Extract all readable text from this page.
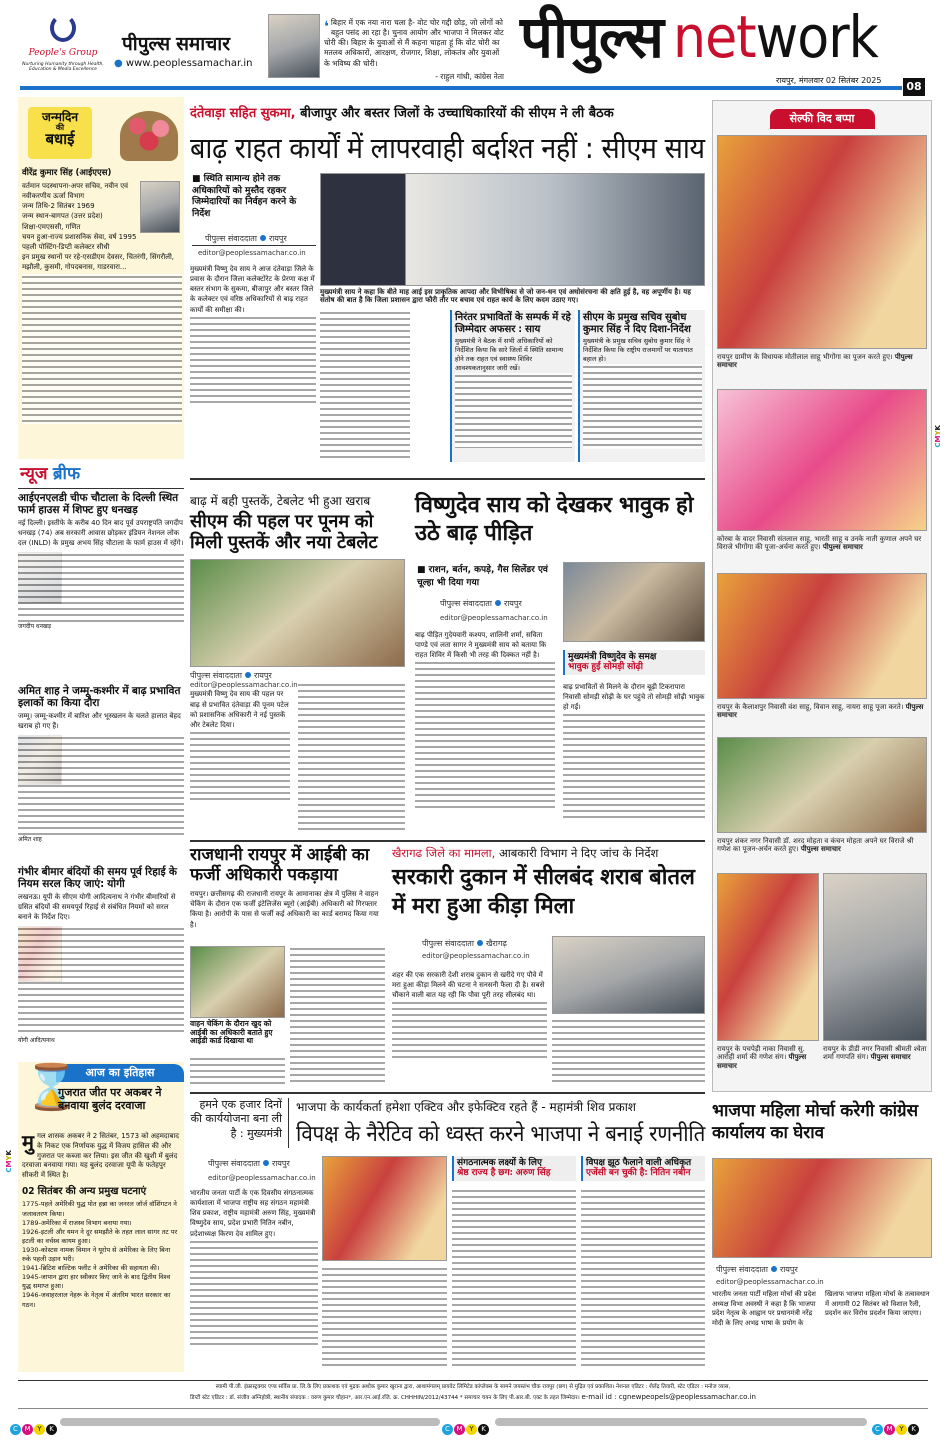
People's Group
Nurturing Humanity through Health, Education & Media Excellence
पीपुल्स समाचार
● www.peoplessamachar.in
❛ बिहार में एक नया नारा चला है- वोट चोर गद्दी छोड़, जो लोगों को बहुत पसंद आ रहा है। चुनाव आयोग और भाजपा ने मिलकर वोट चोरी की। बिहार के युवाओं से मैं कहना चाहता हूं कि वोट चोरी का मतलब अधिकारों, आरक्षण, रोजगार, शिक्षा, लोकतंत्र और युवाओं के भविष्य की चोरी।
- राहुल गांधी, कांग्रेस नेता
पीपुल्स network
रायपुर, मंगलवार 02 सितंबर 2025	08
जन्मदिन
की
बधाई
वीरेंद्र कुमार सिंह (आईएएस)
वर्तमान पदस्थापना-अपर सचिव, नवीन एवं नवीकरणीय ऊर्जा विभाग
जन्म तिथि-2 सितंबर 1969
जन्म स्थान-बागपत (उत्तर प्रदेश)
शिक्षा-एमएससी, गणित
चयन हुआ-राज्य प्रशासनिक सेवा, वर्ष 1995
पहली पोस्टिंग-डिप्टी कलेक्टर सीधी
इन प्रमुख स्थानों पर रहे-एसडीएम देवसर, चितरंगी, सिंगरौली, मझौली, कुसमी, गोपदबनास, गाडरवारा...
न्यूज ब्रीफ
आईएनएलडी चीफ चौटाला के दिल्ली स्थित फार्म हाउस में शिफ्ट हुए धनखड़
नई दिल्ली। इस्तीफे के करीब 40 दिन बाद पूर्व उपराष्ट्रपति जगदीप धनखड़ (74) अब सरकारी आवास छोड़कर इंडियन नेशनल लोक दल (INLD) के प्रमुख अभय सिंह चौटाला के फार्म हाउस में रहेंगे।
जगदीप धनखड़
अमित शाह ने जम्मू-कश्मीर में बाढ़ प्रभावित इलाकों का किया दौरा
जम्मू। जम्मू-कश्मीर में बारिश और भूस्खलन के चलते हालात बेहद खराब हो गए हैं।
अमित शाह
गंभीर बीमार बंदियों की समय पूर्व रिहाई के नियम सरल किए जाएं: योगी
लखनऊ। यूपी के सीएम योगी आदित्यनाथ ने गंभीर बीमारियों से ग्रसित बंदियों की समयपूर्व रिहाई से संबंधित नियमों को सरल बनाने के निर्देश दिए।
योगी आदित्यनाथ
आज का इतिहास
⌛
गुजरात जीत पर अकबर ने बनवाया बुलंद दरवाजा
मुगल शासक अकबर ने 2 सितंबर, 1573 को अहमदाबाद के निकट एक निर्णायक युद्ध में विजय हासिल की और गुजरात पर कब्जा कर लिया। इस जीत की खुशी में बुलंद दरवाजा बनवाया गया। यह बुलंद दरवाजा यूपी के फतेहपुर सीकरी में स्थित है।
02 सितंबर की अन्य प्रमुख घटनाएं
1775-पहले अमेरिकी युद्ध पोत हन्ना का जनरल जॉर्ज वॉशिंगटन ने जलावतरण किया।
1789-अमेरिका में राजस्व विभाग बनाया गया।
1926-इटली और यमन ने दूर समझौते के तहत लाल सागर तट पर इटली का वर्चस्व कायम हुआ।
1930-कोस्टस नामक विमान ने यूरोप से अमेरिका के लिए बिना रुके पहली उड़ान भरी।
1941-ब्रिटिश बाल्टिक फ्लीट ने अमेरिका की सहायता की।
1945-जापान द्वारा हार स्वीकार किए जाने के बाद द्वितीय विश्व युद्ध समाप्त हुआ।
1946-जवाहरलाल नेहरू के नेतृत्व में अंतरिम भारत सरकार का गठन।
दंतेवाड़ा सहित सुकमा, बीजापुर और बस्तर जिलों के उच्चाधिकारियों की सीएम ने ली बैठक
बाढ़ राहत कार्यों में लापरवाही बर्दाश्त नहीं : सीएम साय
■ स्थिति सामान्य होने तक अधिकारियों को मुस्तैद रहकर जिम्मेदारियों का निर्वहन करने के निर्देश
पीपुल्स संवाददाता रायपुर
editor@peoplessamachar.co.in
मुख्यमंत्री साय ने कहा कि बीते माह आई इस प्राकृतिक आपदा और विभीषिका से जो जन-धन एवं अधोसंरचना की क्षति हुई है, वह अपूर्णीय है। यह संतोष की बात है कि जिला प्रशासन द्वारा फौरी तौर पर बचाव एवं राहत कार्य के लिए कदम उठाए गए।
मुख्यमंत्री विष्णु देव साय ने आज दंतेवाड़ा जिले के प्रवास के दौरान जिला कलेक्टोरेट के प्रेरणा कक्ष में बस्तर संभाग के सुकमा, बीजापुर और बस्तर जिले के कलेक्टर एवं वरिष्ठ अधिकारियों से बाढ़ राहत कार्यों की समीक्षा की।
निरंतर प्रभावितों के सम्पर्क में रहे जिम्मेदार अफसर : साय
मुख्यमंत्री ने बैठक में सभी अधिकारियों को निर्देशित किया कि सारे जिलों में स्थिति सामान्य होने तक राहत एवं स्वास्थ्य शिविर आवश्यकतानुसार जारी रखें।
सीएम के प्रमुख सचिव सुबोध कुमार सिंह ने दिए दिशा-निर्देश
मुख्यमंत्री के प्रमुख सचिव सुबोध कुमार सिंह ने निर्देशित किया कि राष्ट्रीय राजमार्गों पर यातायात बहाल हो।
बाढ़ में बही पुस्तकें, टेबलेट भी हुआ खराब
सीएम की पहल पर पूनम को मिली पुस्तकें और नया टेबलेट
पीपुल्स संवाददाता रायपुर
editor@peoplessamachar.co.in
मुख्यमंत्री विष्णु देव साय की पहल पर बाढ़ से प्रभावित दंतेवाड़ा की पूनम पटेल को प्रशासनिक अधिकारी ने नई पुस्तकें और टेबलेट दिया।
विष्णुदेव साय को देखकर भावुक हो उठे बाढ़ पीड़ित
■ राशन, बर्तन, कपड़े, गैस सिलेंडर एवं चूल्हा भी दिया गया
पीपुल्स संवाददाता रायपुर
editor@peoplessamachar.co.in
बाढ़ पीड़ित गुदेयवारी कश्यप, शालिनी शर्मा, सविता पाण्डे एवं लता सागर ने मुख्यमंत्री साय को बताया कि राहत शिविर में किसी भी तरह की दिक्कत नहीं है।	मुख्यमंत्री विष्णुदेव के समक्ष
भावुक हुईं सोमड़ी सोढ़ी
बाढ़ प्रभावितों से मिलने के दौरान बूढ़ी टिकरापारा निवासी सोमड़ी सोढ़ी के घर पहुंचे तो सोमड़ी सोढ़ी भावुक हो गईं।
राजधानी रायपुर में आईबी का फर्जी अधिकारी पकड़ाया
रायपुर। छत्तीसगढ़ की राजधानी रायपुर के आमानाका क्षेत्र में पुलिस ने वाहन चेकिंग के दौरान एक फर्जी इंटेलिजेंस ब्यूरो (आईबी) अधिकारी को गिरफ्तार किया है। आरोपी के पास से फर्जी कई अधिकारी का कार्ड बरामद किया गया है।
वाहन चेकिंग के दौरान खुद को आईबी का अधिकारी बताते हुए आईडी कार्ड दिखाया था
खैरागढ जिले का मामला, आबकारी विभाग ने दिए जांच के निर्देश
सरकारी दुकान में सीलबंद शराब बोतल में मरा हुआ कीड़ा मिला
पीपुल्स संवाददाता खैरागढ़
editor@peoplessamachar.co.in
शहर की एक सरकारी देशी शराब दुकान से खरीदे गए पौवे में मरा हुआ कीड़ा मिलने की घटना ने सनसनी फैला दी है। सबसे चौंकाने वाली बात यह रही कि पौवा पूरी तरह सीलबंद था।
हमने एक हजार दिनों की कार्ययोजना बना ली है : मुख्यमंत्री
भाजपा के कार्यकर्ता हमेशा एक्टिव और इफेक्टिव रहते हैं - महामंत्री शिव प्रकाश
विपक्ष के नैरेटिव को ध्वस्त करने भाजपा ने बनाई रणनीति
पीपुल्स संवाददाता रायपुर
editor@peoplessamachar.co.in
भारतीय जनता पार्टी के एक दिवसीय संगठनात्मक कार्यशाला में भाजपा राष्ट्रीय सह संगठन महामंत्री शिव प्रकाश, राष्ट्रीय महामंत्री अरुण सिंह, मुख्यमंत्री विष्णुदेव साय, प्रदेश प्रभारी नितिन नबीन, प्रदेशाध्यक्ष किरण देव शामिल हुए।
संगठनात्मक लक्ष्यों के लिए
श्रेष्ठ राज्य है छग: अरुण सिंह
विपक्ष झूठ फैलाने वाली अधिकृत
एजेंसी बन चुकी है: नितिन नबीन
सेल्फी विद बप्पा
रायपुर ग्रामीण के विधायक मोतीलाल साहू भीगोंगा का पूजन करते हुए। पीपुल्स समाचार
कोरबा के वादर निवासी संतलाल साहू, भारती साहू व उनके नाती कुणाल अपने घर विराजे भीगोंगा की पूजा-अर्चना करते हुए। पीपुल्स समाचार
रायपुर के कैलाशपुर निवासी वंश साहू, विवान साहू, नायरा साहू पूजा करते। पीपुल्स समाचार
रायपुर शंकर नगर निवासी डॉ. शरद मोहता व कंचन मोहता अपने घर विराजे श्री गणेश का पूजन-अर्चन करते हुए। पीपुल्स समाचार
रायपुर के पचपेड़ी नाका निवासी सु. आरोही शर्मा की गणेश संग। पीपुल्स समाचार
रायपुर के डीडी नगर निवासी श्रीमती श्वेता शर्मा गणपति संग। पीपुल्स समाचार
भाजपा महिला मोर्चा करेगी कांग्रेस कार्यालय का घेराव
पीपुल्स संवाददाता रायपुर
editor@peoplessamachar.co.in
भारतीय जनता पार्टी महिला मोर्चा की प्रदेश अध्यक्ष विभा अवस्थी ने कहा है कि भाजपा प्रदेश नेतृत्व के आह्वान पर प्रधानमंत्री नरेंद्र मोदी के लिए अभद्र भाषा के प्रयोग के खिलाफ भाजपा महिला मोर्चा के तत्वावधान में आगामी 02 सितंबर को विशाल रैली, प्रदर्शन कर विरोध प्रदर्शन किया जाएगा।
CMYK
CMYK
स्वामी पी.जी. इंफ्रास्ट्रक्चर एण्ड सर्विस प्रा. लि.के लिए प्रकाशक एवं मुद्रक अशोक कुमार खुराना द्वारा, आशामंगलम् प्रायवेट लिमिटेड कांप्लेक्स के सामने जयस्तंभ चौक रायपुर (छग) से मुद्रित एवं प्रकाशित। नेशनल एडिटर : शैलेंद्र तिवारी, स्टेट एडिटर : मनोज व्यास,
डिप्टी स्टेट एडिटर : डॉ. संजीव अग्निहोत्री, स्थानीय संपादक : वरुण कुमार चौहान*, आर.एन.आई.रजि. क्र. CHHHIN/2012/43744 * समाचार चयन के लिए पी.आर.बी. एक्ट के तहत जिम्मेदार। e-mail id : cgnewpeopels@peoplessamachar.co.in
C M Y K	C M Y K	C M Y K
